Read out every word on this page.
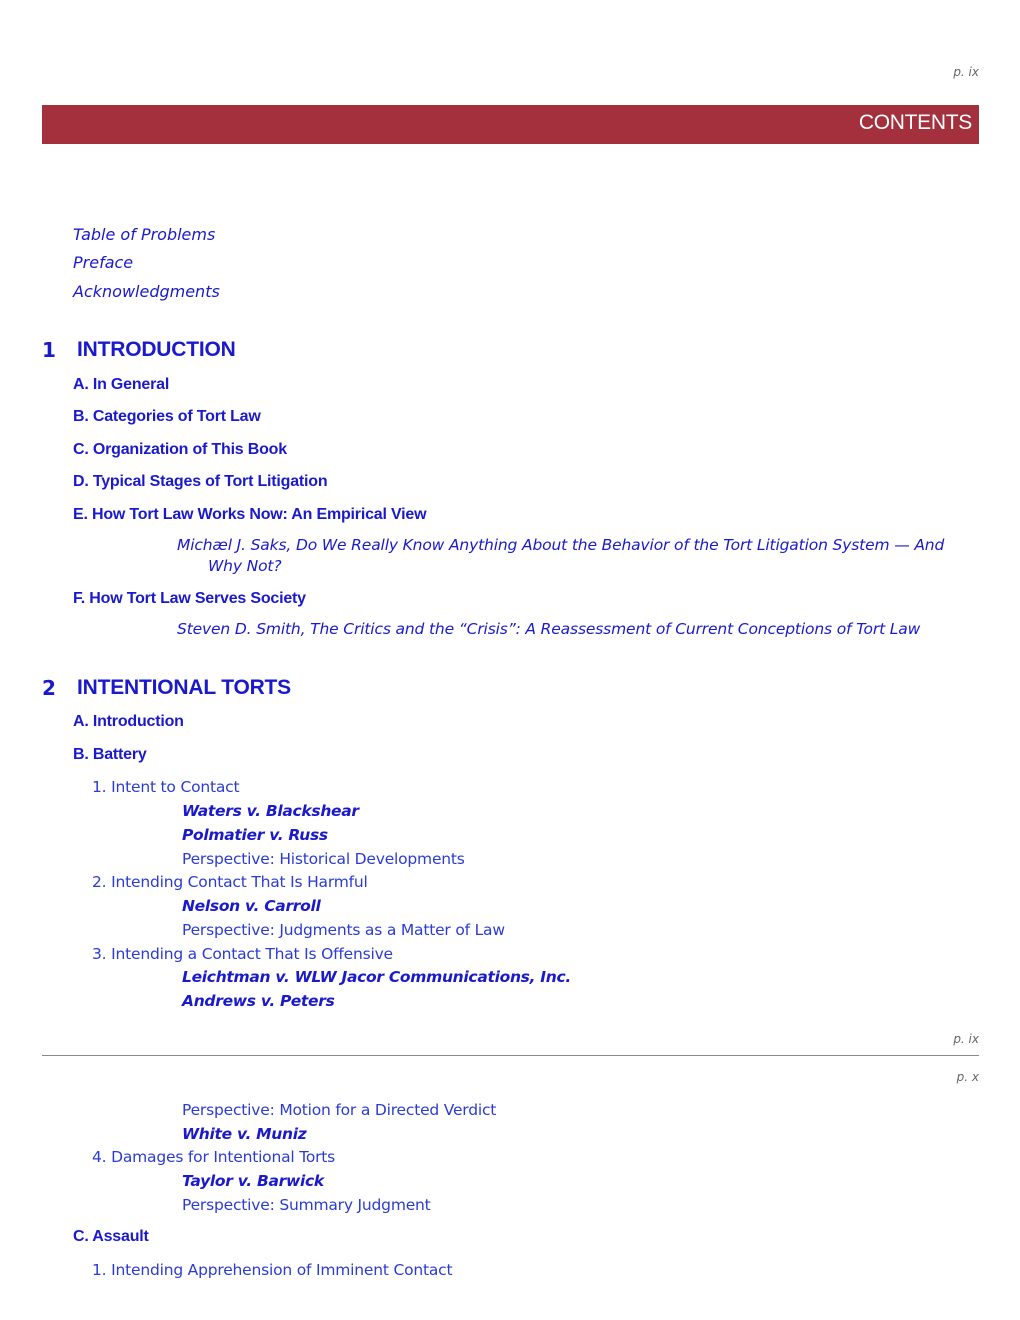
p. ix
CONTENTS
Table of Problems
Preface
Acknowledgments
1 INTRODUCTION
A. In General
B. Categories of Tort Law
C. Organization of This Book
D. Typical Stages of Tort Litigation
E. How Tort Law Works Now: An Empirical View
Michæl J. Saks, Do We Really Know Anything About the Behavior of the Tort Litigation System — And
Why Not?
F. How Tort Law Serves Society
Steven D. Smith, The Critics and the “Crisis”: A Reassessment of Current Conceptions of Tort Law
2 INTENTIONAL TORTS
A. Introduction
B. Battery
1. Intent to Contact
Waters v. Blackshear
Polmatier v. Russ
Perspective: Historical Developments
2. Intending Contact That Is Harmful
Nelson v. Carroll
Perspective: Judgments as a Matter of Law
3. Intending a Contact That Is Offensive
Leichtman v. WLW Jacor Communications, Inc.
Andrews v. Peters
p. ix
p. x
Perspective: Motion for a Directed Verdict
White v. Muniz
4. Damages for Intentional Torts
Taylor v. Barwick
Perspective: Summary Judgment
C. Assault
1. Intending Apprehension of Imminent Contact
